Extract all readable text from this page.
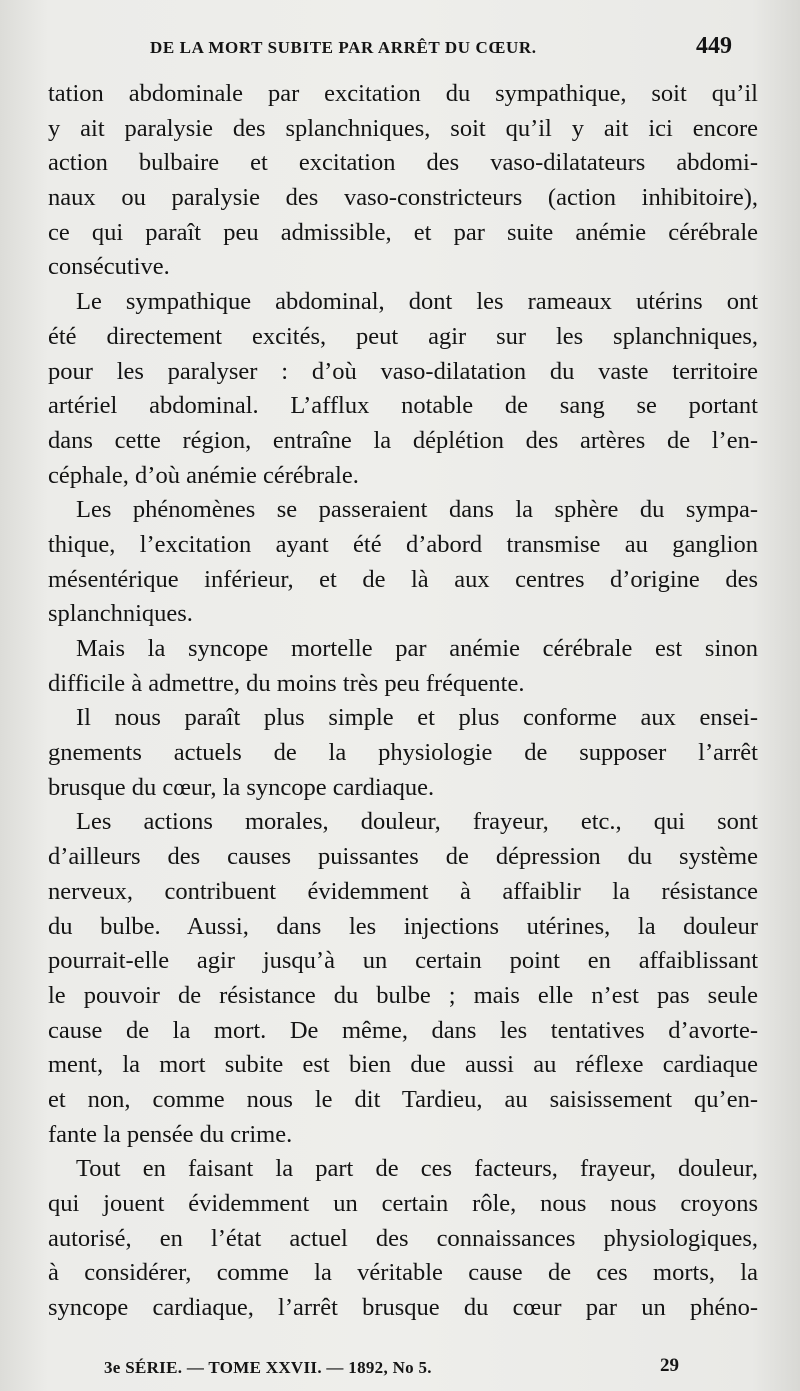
DE LA MORT SUBITE PAR ARRÊT DU CŒUR.	449
tation abdominale par excitation du sympathique, soit qu’il
y ait paralysie des splanchniques, soit qu’il y ait ici encore
action bulbaire et excitation des vaso-dilatateurs abdomi-
naux ou paralysie des vaso-constricteurs (action inhibitoire),
ce qui paraît peu admissible, et par suite anémie cérébrale
consécutive.
Le sympathique abdominal, dont les rameaux utérins ont
été directement excités, peut agir sur les splanchniques,
pour les paralyser : d’où vaso-dilatation du vaste territoire
artériel abdominal. L’afflux notable de sang se portant
dans cette région, entraîne la déplétion des artères de l’en-
céphale, d’où anémie cérébrale.
Les phénomènes se passeraient dans la sphère du sympa-
thique, l’excitation ayant été d’abord transmise au ganglion
mésentérique inférieur, et de là aux centres d’origine des
splanchniques.
Mais la syncope mortelle par anémie cérébrale est sinon
difficile à admettre, du moins très peu fréquente.
Il nous paraît plus simple et plus conforme aux ensei-
gnements actuels de la physiologie de supposer l’arrêt
brusque du cœur, la syncope cardiaque.
Les actions morales, douleur, frayeur, etc., qui sont
d’ailleurs des causes puissantes de dépression du système
nerveux, contribuent évidemment à affaiblir la résistance
du bulbe. Aussi, dans les injections utérines, la douleur
pourrait-elle agir jusqu’à un certain point en affaiblissant
le pouvoir de résistance du bulbe ; mais elle n’est pas seule
cause de la mort. De même, dans les tentatives d’avorte-
ment, la mort subite est bien due aussi au réflexe cardiaque
et non, comme nous le dit Tardieu, au saisissement qu’en-
fante la pensée du crime.
Tout en faisant la part de ces facteurs, frayeur, douleur,
qui jouent évidemment un certain rôle, nous nous croyons
autorisé, en l’état actuel des connaissances physiologiques,
à considérer, comme la véritable cause de ces morts, la
syncope cardiaque, l’arrêt brusque du cœur par un phéno-
3e SÉRIE. — TOME XXVII. — 1892, No 5.	29
